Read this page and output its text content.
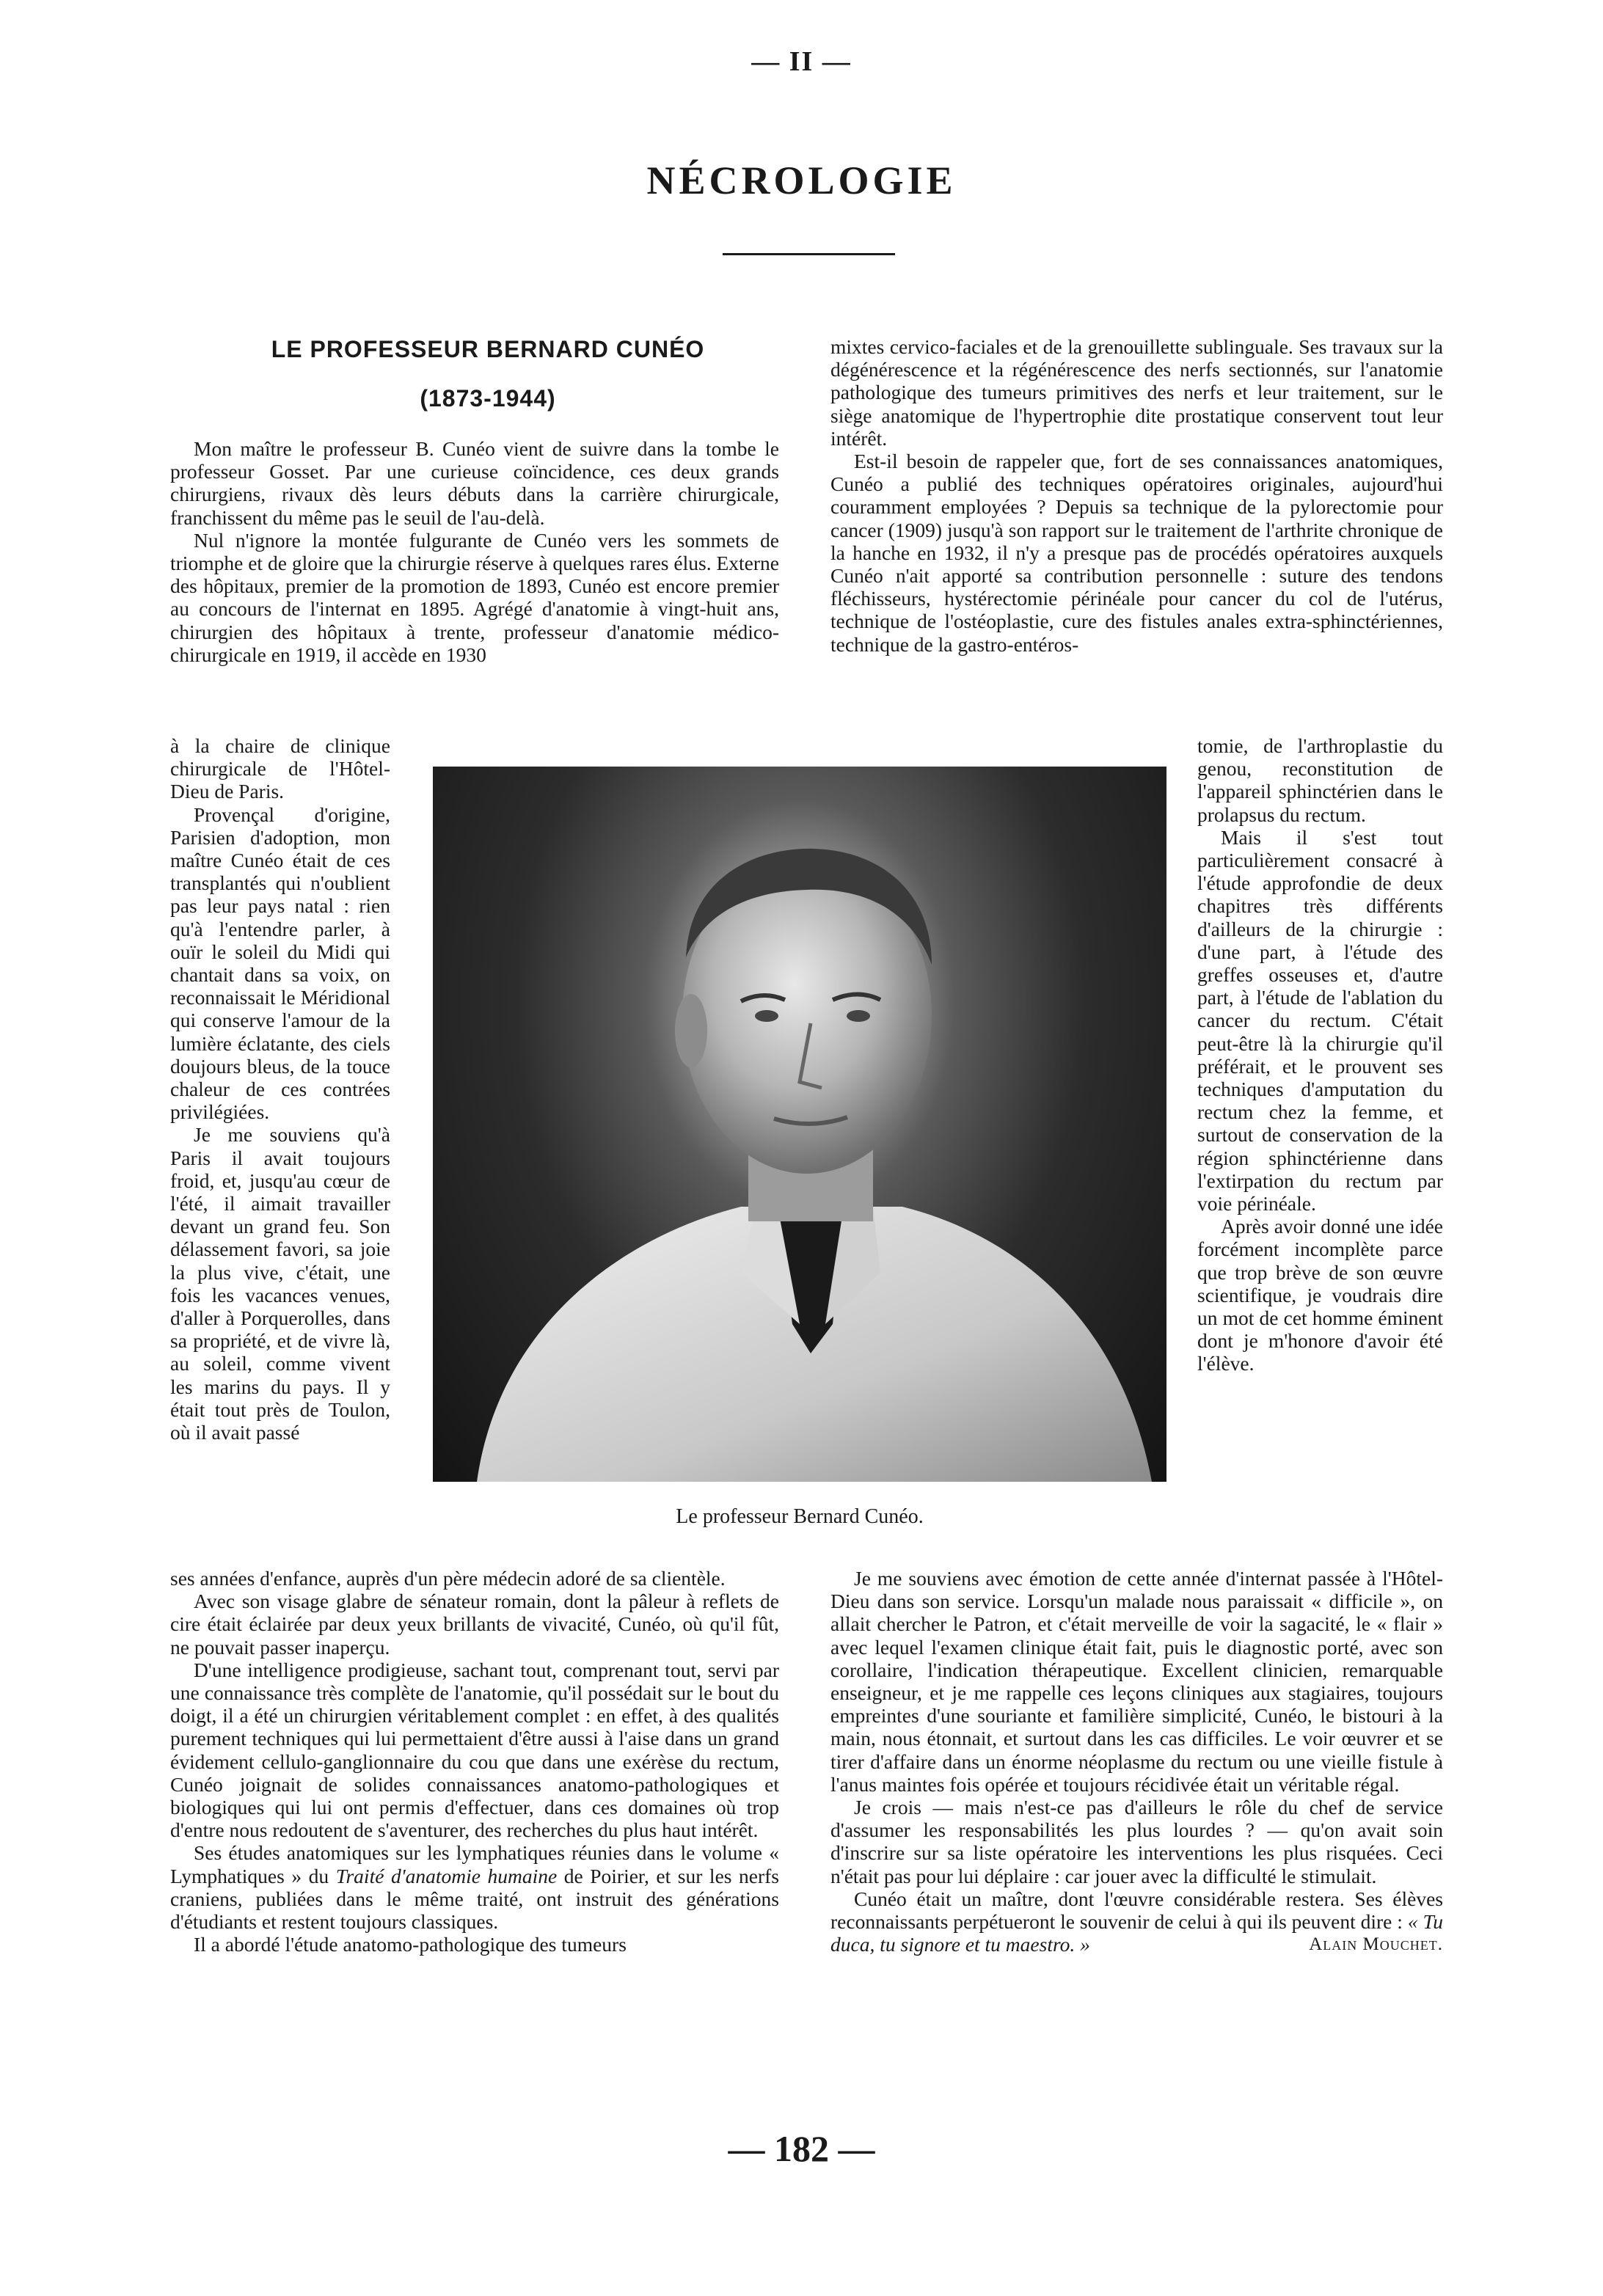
— II —
NÉCROLOGIE
LE PROFESSEUR BERNARD CUNÉO
(1873-1944)

Mon maître le professeur B. Cunéo vient de suivre dans la tombe le professeur Gosset. Par une curieuse coïncidence, ces deux grands chirurgiens, rivaux dès leurs débuts dans la carrière chirurgicale, franchissent du même pas le seuil de l'au-delà.

Nul n'ignore la montée fulgurante de Cunéo vers les sommets de triomphe et de gloire que la chirurgie réserve à quelques rares élus. Externe des hôpitaux, premier de la promotion de 1893, Cunéo est encore premier au concours de l'internat en 1895. Agrégé d'anatomie à vingt-huit ans, chirurgien des hôpitaux à trente, professeur d'anatomie médico-chirurgicale en 1919, il accède en 1930

à la chaire de clinique chirurgicale de l'Hôtel-Dieu de Paris.

Provençal d'origine, Parisien d'adoption, mon maître Cunéo était de ces transplantés qui n'oublient pas leur pays natal : rien qu'à l'entendre parler, à ouïr le soleil du Midi qui chantait dans sa voix, on reconnaissait le Méridional qui conserve l'amour de la lumière éclatante, des ciels doujours bleus, de la touce chaleur de ces contrées privilégiées.

Je me souviens qu'à Paris il avait toujours froid, et, jusqu'au cœur de l'été, il aimait travailler devant un grand feu. Son délassement favori, sa joie la plus vive, c'était, une fois les vacances venues, d'aller à Porquerolles, dans sa propriété, et de vivre là, au soleil, comme vivent les marins du pays. Il y était tout près de Toulon, où il avait passé

Le professeur Bernard Cunéo.

ses années d'enfance, auprès d'un père médecin adoré de sa clientèle.

Avec son visage glabre de sénateur romain, dont la pâleur à reflets de cire était éclairée par deux yeux brillants de vivacité, Cunéo, où qu'il fût, ne pouvait passer inaperçu.

D'une intelligence prodigieuse, sachant tout, comprenant tout, servi par une connaissance très complète de l'anatomie, qu'il possédait sur le bout du doigt, il a été un chirurgien véritablement complet : en effet, à des qualités purement techniques qui lui permettaient d'être aussi à l'aise dans un grand évidement cellulo-ganglionnaire du cou que dans une exérèse du rectum, Cunéo joignait de solides connaissances anatomo-pathologiques et biologiques qui lui ont permis d'effectuer, dans ces domaines où trop d'entre nous redoutent de s'aventurer, des recherches du plus haut intérêt.

Ses études anatomiques sur les lymphatiques réunies dans le volume « Lymphatiques » du Traité d'anatomie humaine de Poirier, et sur les nerfs craniens, publiées dans le même traité, ont instruit des générations d'étudiants et restent toujours classiques.

Il a abordé l'étude anatomo-pathologique des tumeurs

mixtes cervico-faciales et de la grenouillette sublinguale. Ses travaux sur la dégénérescence et la régénérescence des nerfs sectionnés, sur l'anatomie pathologique des tumeurs primitives des nerfs et leur traitement, sur le siège anatomique de l'hypertrophie dite prostatique conservent tout leur intérêt.

Est-il besoin de rappeler que, fort de ses connaissances anatomiques, Cunéo a publié des techniques opératoires originales, aujourd'hui couramment employées ? Depuis sa technique de la pylorectomie pour cancer (1909) jusqu'à son rapport sur le traitement de l'arthrite chronique de la hanche en 1932, il n'y a presque pas de procédés opératoires auxquels Cunéo n'ait apporté sa contribution personnelle : suture des tendons fléchisseurs, hystérectomie périnéale pour cancer du col de l'utérus, technique de l'ostéoplastie, cure des fistules anales extra-sphinctériennes, technique de la gastro-entéros-

tomie, de l'arthroplastie du genou, reconstitution de l'appareil sphinctérien dans le prolapsus du rectum.

Mais il s'est tout particulièrement consacré à l'étude approfondie de deux chapitres très différents d'ailleurs de la chirurgie : d'une part, à l'étude des greffes osseuses et, d'autre part, à l'étude de l'ablation du cancer du rectum. C'était peut-être là la chirurgie qu'il préférait, et le prouvent ses techniques d'amputation du rectum chez la femme, et surtout de conservation de la région sphinctérienne dans l'extirpation du rectum par voie périnéale.

Après avoir donné une idée forcément incomplète parce que trop brève de son œuvre scientifique, je voudrais dire un mot de cet homme éminent dont je m'honore d'avoir été l'élève.

Je me souviens avec émotion de cette année d'internat passée à l'Hôtel-Dieu dans son service. Lorsqu'un malade nous paraissait « difficile », on allait chercher le Patron, et c'était merveille de voir la sagacité, le « flair » avec lequel l'examen clinique était fait, puis le diagnostic porté, avec son corollaire, l'indication thérapeutique. Excellent clinicien, remarquable enseigneur, et je me rappelle ces leçons cliniques aux stagiaires, toujours empreintes d'une souriante et familière simplicité, Cunéo, le bistouri à la main, nous étonnait, et surtout dans les cas difficiles. Le voir œuvrer et se tirer d'affaire dans un énorme néoplasme du rectum ou une vieille fistule à l'anus maintes fois opérée et toujours récidivée était un véritable régal.

Je crois — mais n'est-ce pas d'ailleurs le rôle du chef de service d'assumer les responsabilités les plus lourdes ? — qu'on avait soin d'inscrire sur sa liste opératoire les interventions les plus risquées. Ceci n'était pas pour lui déplaire : car jouer avec la difficulté le stimulait.

Cunéo était un maître, dont l'œuvre considérable restera. Ses élèves reconnaissants perpétueront le souvenir de celui à qui ils peuvent dire : « Tu duca, tu signore et tu maestro. »	Alain Mouchet.

— 182 —
